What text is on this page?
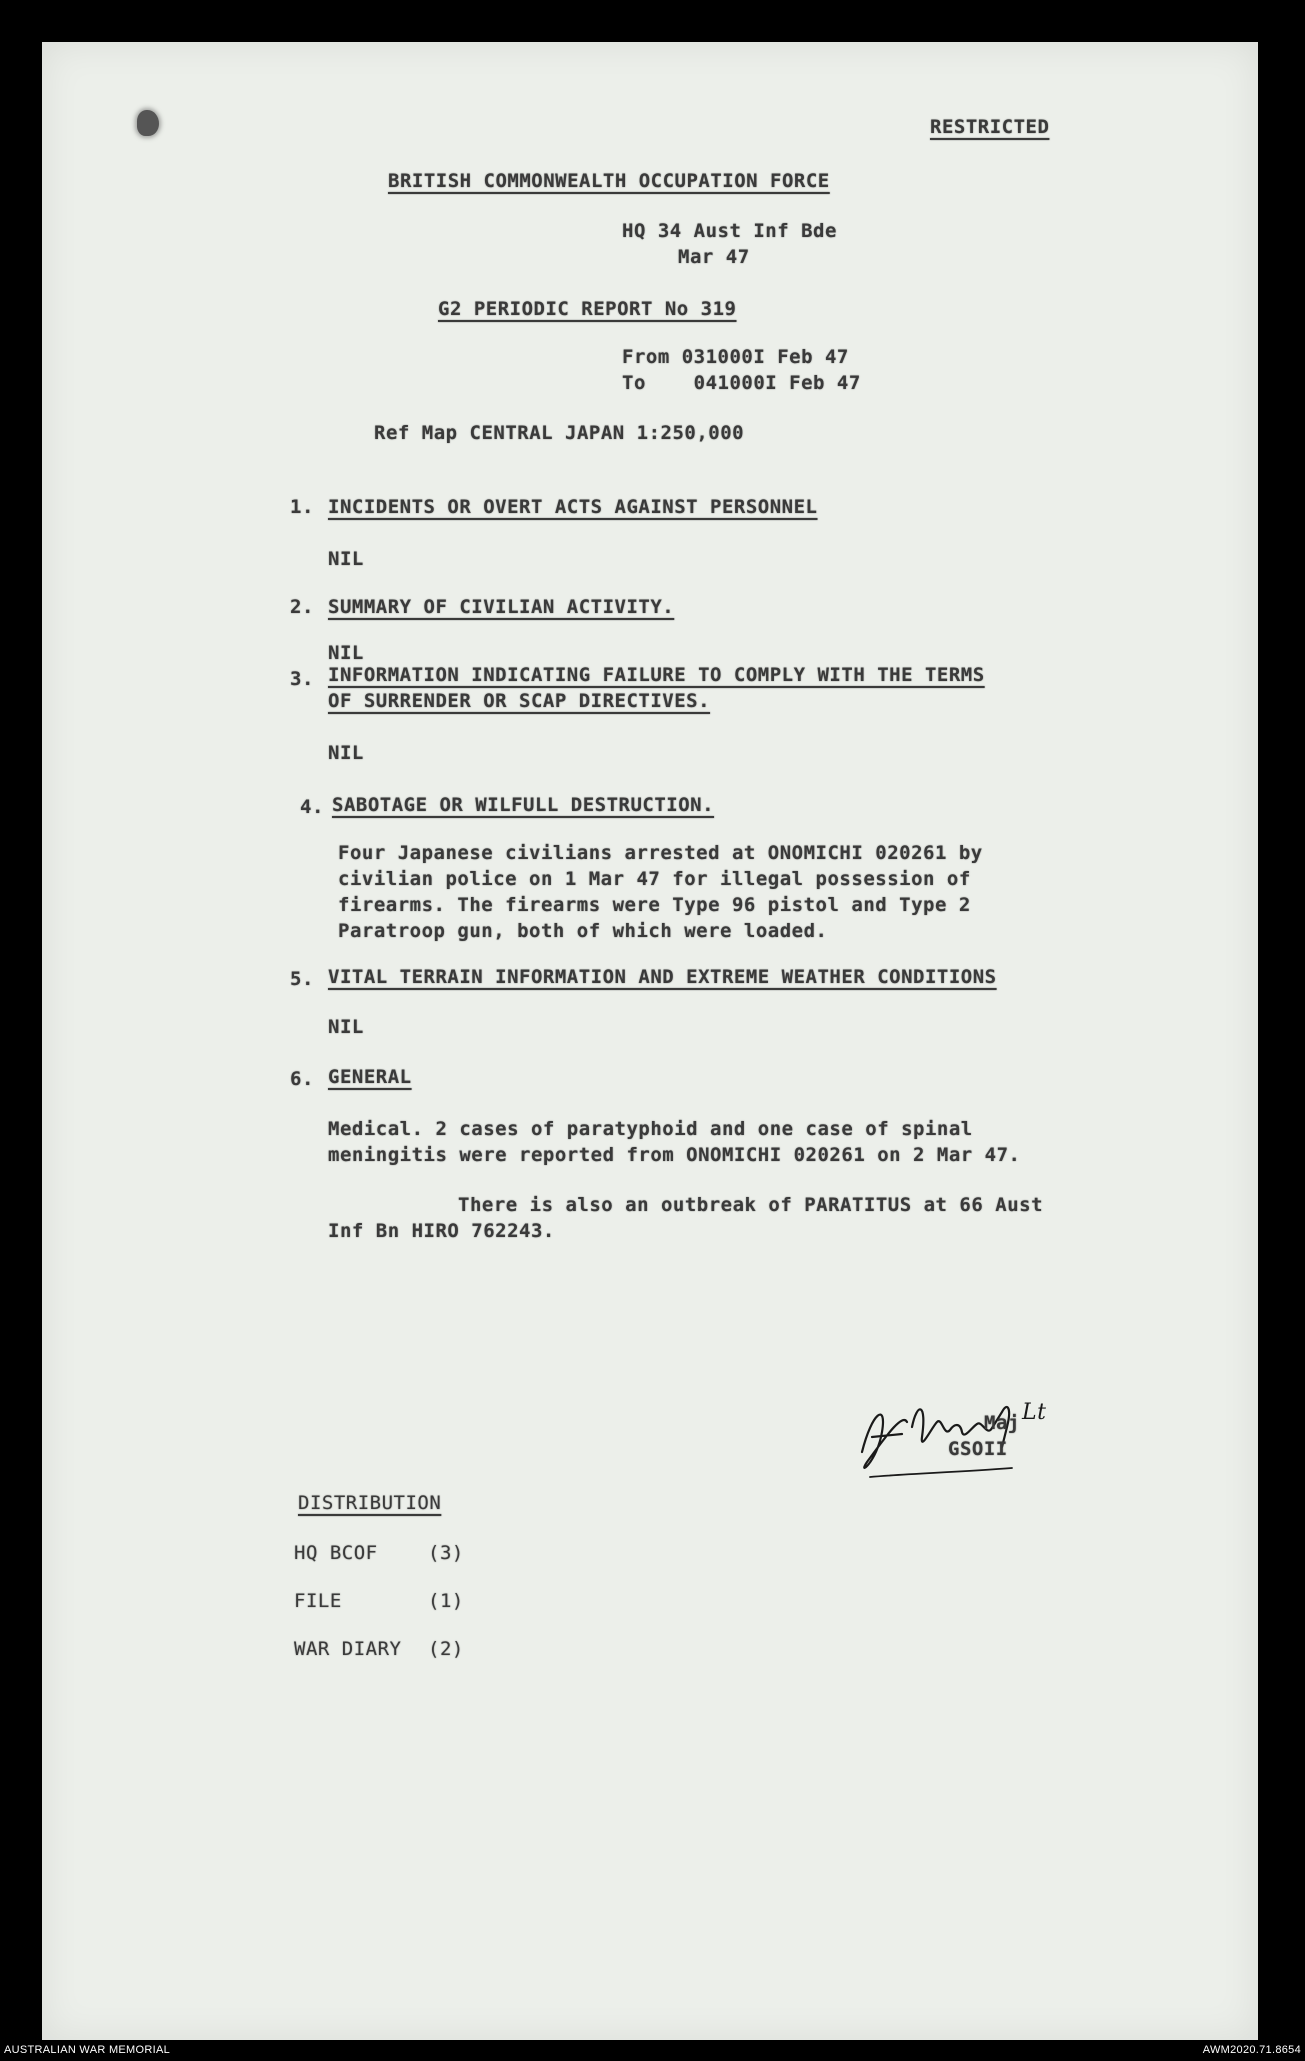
RESTRICTED
BRITISH COMMONWEALTH OCCUPATION FORCE
HQ 34 Aust Inf Bde
Mar 47
G2 PERIODIC REPORT No 319
From 031000I Feb 47
To    041000I Feb 47
Ref Map CENTRAL JAPAN 1:250,000
1. INCIDENTS OR OVERT ACTS AGAINST PERSONNEL
NIL
2. SUMMARY OF CIVILIAN ACTIVITY.
NIL
3. INFORMATION INDICATING FAILURE TO COMPLY WITH THE TERMS
OF SURRENDER OR SCAP DIRECTIVES.
NIL
4. SABOTAGE OR WILFULL DESTRUCTION.
Four Japanese civilians arrested at ONOMICHI 020261 by civilian police on 1 Mar 47 for illegal possession of firearms. The firearms were Type 96 pistol and Type 2 Paratroop gun, both of which were loaded.
5. VITAL TERRAIN INFORMATION AND EXTREME WEATHER CONDITIONS
NIL
6. GENERAL
Medical. 2 cases of paratyphoid and one case of spinal meningitis were reported from ONOMICHI 020261 on 2 Mar 47.
There is also an outbreak of PARATITUS at 66 Aust Inf Bn HIRO 762243.
Lt
Maj
GSOII
DISTRIBUTION
HQ BCOF	(3)
FILE	(1)
WAR DIARY (2)
AUSTRALIAN WAR MEMORIAL	AWM2020.71.8654
